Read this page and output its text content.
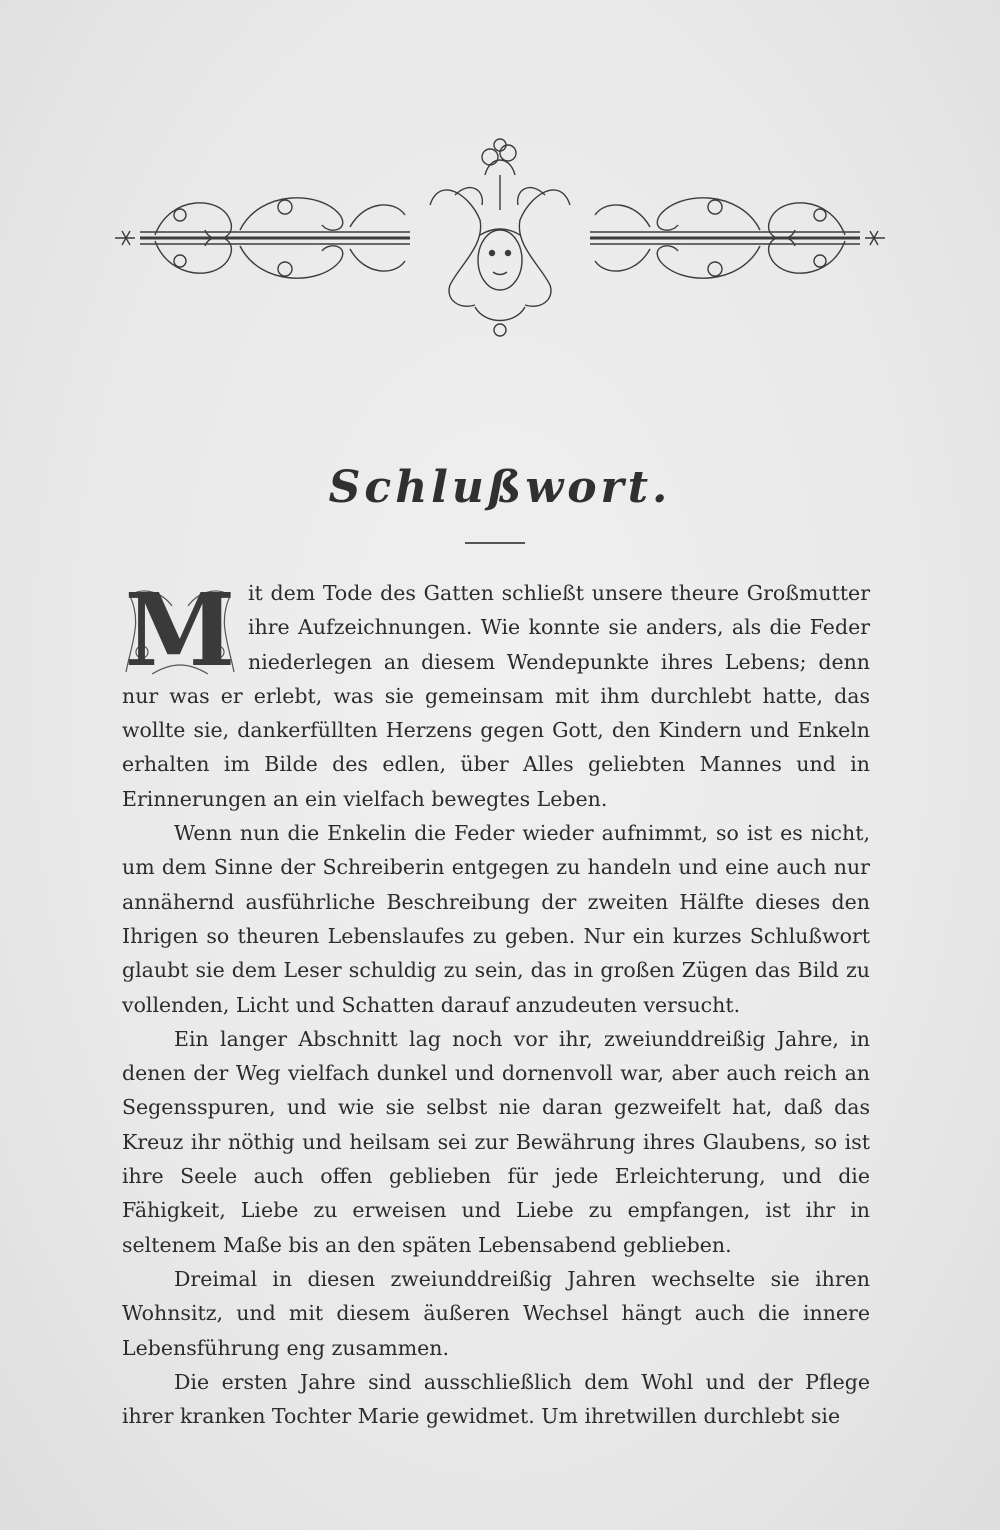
Schlußwort.

M it dem Tode des Gatten schließt unsere theure Großmutter ihre Aufzeichnungen. Wie konnte sie anders, als die Feder niederlegen an diesem Wendepunkte ihres Lebens; denn nur was er erlebt, was sie gemeinsam mit ihm durchlebt hatte, das wollte sie, dankerfüllten Herzens gegen Gott, den Kindern und Enkeln erhalten im Bilde des edlen, über Alles geliebten Mannes und in Erinnerungen an ein vielfach bewegtes Leben.

Wenn nun die Enkelin die Feder wieder aufnimmt, so ist es nicht, um dem Sinne der Schreiberin entgegen zu handeln und eine auch nur annähernd ausführliche Beschreibung der zweiten Hälfte dieses den Ihrigen so theuren Lebenslaufes zu geben. Nur ein kurzes Schlußwort glaubt sie dem Leser schuldig zu sein, das in großen Zügen das Bild zu vollenden, Licht und Schatten darauf anzudeuten versucht.

Ein langer Abschnitt lag noch vor ihr, zweiunddreißig Jahre, in denen der Weg vielfach dunkel und dornenvoll war, aber auch reich an Segensspuren, und wie sie selbst nie daran gezweifelt hat, daß das Kreuz ihr nöthig und heilsam sei zur Bewährung ihres Glaubens, so ist ihre Seele auch offen geblieben für jede Erleichterung, und die Fähigkeit, Liebe zu erweisen und Liebe zu empfangen, ist ihr in seltenem Maße bis an den späten Lebensabend geblieben.

Dreimal in diesen zweiunddreißig Jahren wechselte sie ihren Wohnsitz, und mit diesem äußeren Wechsel hängt auch die innere Lebensführung eng zusammen.

Die ersten Jahre sind ausschließlich dem Wohl und der Pflege ihrer kranken Tochter Marie gewidmet. Um ihretwillen durchlebt sie
